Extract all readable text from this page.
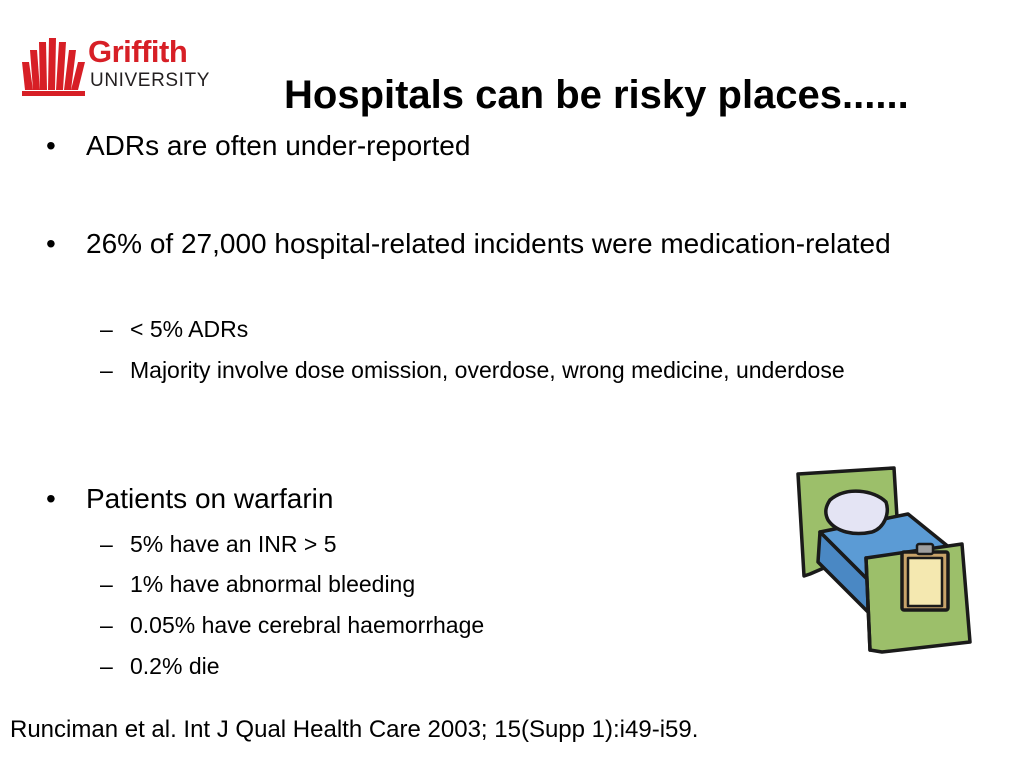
Griffith
UNIVERSITY Hospitals can be risky places......
• ADRs are often under-reported
• 26% of 27,000 hospital-related incidents were medication-related
– < 5% ADRs
– Majority involve dose omission, overdose, wrong medicine, underdose
• Patients on warfarin
– 5% have an INR > 5
– 1% have abnormal bleeding
– 0.05% have cerebral haemorrhage
– 0.2% die
Runciman et al. Int J Qual Health Care 2003; 15(Supp 1):i49-i59.
